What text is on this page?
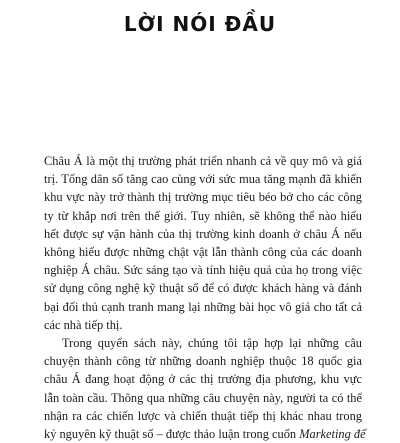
LỜI NÓI ĐẦU

Châu Á là một thị trường phát triển nhanh cả về quy mô và giá
trị. Tổng dân số tăng cao cùng với sức mua tăng mạnh đã khiến
khu vực này trở thành thị trường mục tiêu béo bở cho các công
ty từ khắp nơi trên thế giới. Tuy nhiên, sẽ không thể nào hiểu
hết được sự vận hành của thị trường kinh doanh ở châu Á nếu
không hiểu được những chật vật lẫn thành công của các doanh
nghiệp Á châu. Sức sáng tạo và tính hiệu quả của họ trong việc
sử dụng công nghệ kỹ thuật số để có được khách hàng và đánh
bại đối thủ cạnh tranh mang lại những bài học vô giá cho tất cả
các nhà tiếp thị.

Trong quyển sách này, chúng tôi tập hợp lại những câu
chuyện thành công từ những doanh nghiệp thuộc 18 quốc gia
châu Á đang hoạt động ở các thị trường địa phương, khu vực
lẫn toàn cầu. Thông qua những câu chuyện này, người ta có thể
nhận ra các chiến lược và chiến thuật tiếp thị khác nhau trong
kỷ nguyên kỹ thuật số – được thảo luận trong cuốn Marketing để
